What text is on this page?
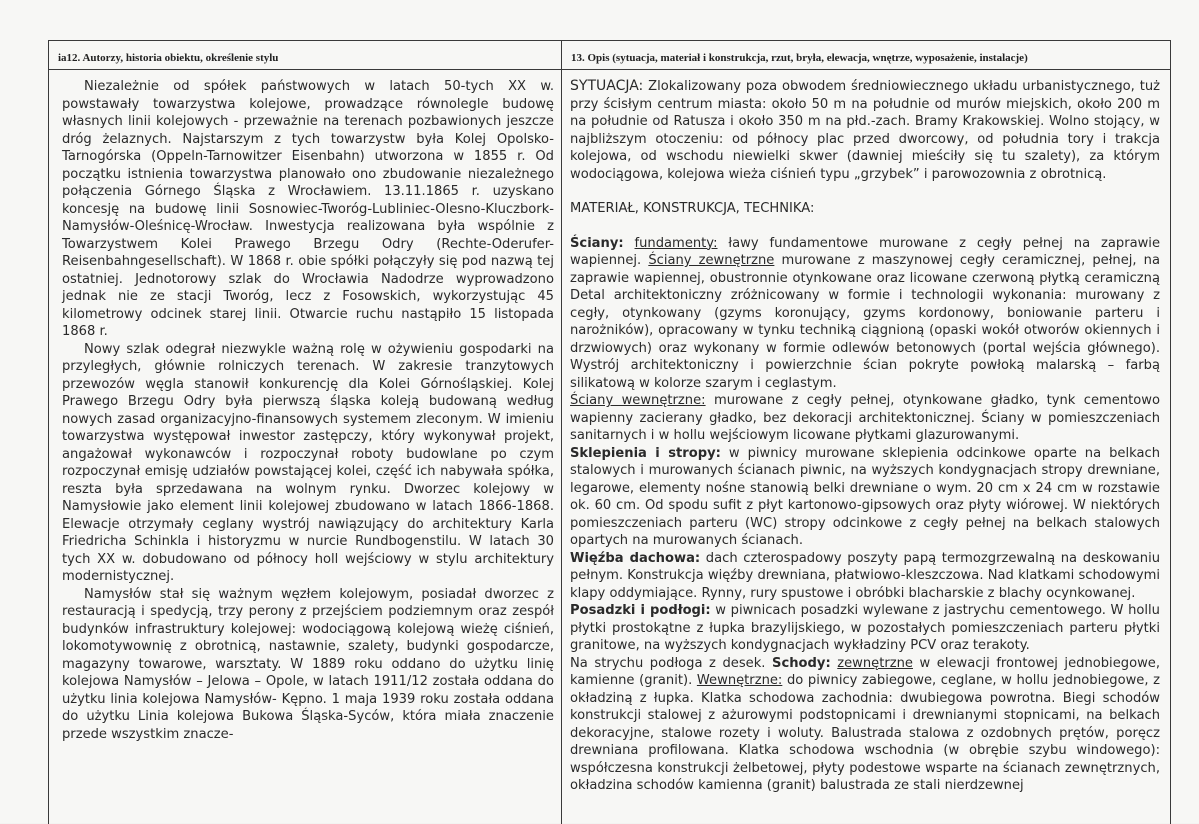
ia12. Autorzy, historia obiektu, określenie stylu	13. Opis (sytuacja, materiał i konstrukcja, rzut, bryła, elewacja, wnętrze, wyposażenie, instalacje)

Niezależnie od spółek państwowych w latach 50-tych XX w. powstawały towarzystwa kolejowe, prowadzące równolegle budowę własnych linii kolejowych - przeważnie na terenach pozbawionych jeszcze dróg żelaznych. Najstarszym z tych towarzystw była Kolej Opolsko-Tarnogórska (Oppeln-Tarnowitzer Eisenbahn) utworzona w 1855 r. Od początku istnienia towarzystwa planowało ono zbudowanie niezależnego połączenia Górnego Śląska z Wrocławiem. 13.11.1865 r. uzyskano koncesję na budowę linii Sosnowiec-Tworóg-Lubliniec-Olesno-Kluczbork-Namysłów-Oleśnicę-Wrocław. Inwestycja realizowana była wspólnie z Towarzystwem Kolei Prawego Brzegu Odry (Rechte-Oderufer-Reisenbahngesellschaft). W 1868 r. obie spółki połączyły się pod nazwą tej ostatniej. Jednotorowy szlak do Wrocławia Nadodrze wyprowadzono jednak nie ze stacji Tworóg, lecz z Fosowskich, wykorzystując 45 kilometrowy odcinek starej linii. Otwarcie ruchu nastąpiło 15 listopada 1868 r.

Nowy szlak odegrał niezwykle ważną rolę w ożywieniu gospodarki na przyległych, głównie rolniczych terenach. W zakresie tranzytowych przewozów węgla stanowił konkurencję dla Kolei Górnośląskiej. Kolej Prawego Brzegu Odry była pierwszą śląska koleją budowaną według nowych zasad organizacyjno-finansowych systemem zleconym. W imieniu towarzystwa występował inwestor zastępczy, który wykonywał projekt, angażował wykonawców i rozpoczynał roboty budowlane po czym rozpoczynał emisję udziałów powstającej kolei, część ich nabywała spółka, reszta była sprzedawana na wolnym rynku. Dworzec kolejowy w Namysłowie jako element linii kolejowej zbudowano w latach 1866-1868. Elewacje otrzymały ceglany wystrój nawiązujący do architektury Karla Friedricha Schinkla i historyzmu w nurcie Rundbogenstilu. W latach 30 tych XX w. dobudowano od północy holl wejściowy w stylu architektury modernistycznej.

Namysłów stał się ważnym węzłem kolejowym, posiadał dworzec z restauracją i spedycją, trzy perony z przejściem podziemnym oraz zespół budynków infrastruktury kolejowej: wodociągową kolejową wieżę ciśnień, lokomotywownię z obrotnicą, nastawnie, szalety, budynki gospodarcze, magazyny towarowe, warsztaty. W 1889 roku oddano do użytku linię kolejowa Namysłów – Jelowa – Opole, w latach 1911/12 została oddana do użytku linia kolejowa Namysłów- Kępno. 1 maja 1939 roku została oddana do użytku Linia kolejowa Bukowa Śląska-Syców, która miała znaczenie przede wszystkim znacze-

SYTUACJA: Zlokalizowany poza obwodem średniowiecznego układu urbanistycznego, tuż przy ścisłym centrum miasta: około 50 m na południe od murów miejskich, około 200 m na południe od Ratusza i około 350 m na płd.-zach. Bramy Krakowskiej. Wolno stojący, w najbliższym otoczeniu: od północy plac przed dworcowy, od południa tory i trakcja kolejowa, od wschodu niewielki skwer (dawniej mieściły się tu szalety), za którym wodociągowa, kolejowa wieża ciśnień typu „grzybek” i parowozownia z obrotnicą.

MATERIAŁ, KONSTRUKCJA, TECHNIKA:

Ściany: fundamenty: ławy fundamentowe murowane z cegły pełnej na zaprawie wapiennej. Ściany zewnętrzne murowane z maszynowej cegły ceramicznej, pełnej, na zaprawie wapiennej, obustronnie otynkowane oraz licowane czerwoną płytką ceramiczną Detal architektoniczny zróżnicowany w formie i technologii wykonania: murowany z cegły, otynkowany (gzyms koronujący, gzyms kordonowy, boniowanie parteru i narożników), opracowany w tynku techniką ciągnioną (opaski wokół otworów okiennych i drzwiowych) oraz wykonany w formie odlewów betonowych (portal wejścia głównego). Wystrój architektoniczny i powierzchnie ścian pokryte powłoką malarską – farbą silikatową w kolorze szarym i ceglastym.

Ściany wewnętrzne: murowane z cegły pełnej, otynkowane gładko, tynk cementowo wapienny zacierany gładko, bez dekoracji architektonicznej. Ściany w pomieszczeniach sanitarnych i w hollu wejściowym licowane płytkami glazurowanymi.

Sklepienia i stropy: w piwnicy murowane sklepienia odcinkowe oparte na belkach stalowych i murowanych ścianach piwnic, na wyższych kondygnacjach stropy drewniane, legarowe, elementy nośne stanowią belki drewniane o wym. 20 cm x 24 cm w rozstawie ok. 60 cm. Od spodu sufit z płyt kartonowo-gipsowych oraz płyty wiórowej. W niektórych pomieszczeniach parteru (WC) stropy odcinkowe z cegły pełnej na belkach stalowych opartych na murowanych ścianach.

Więźba dachowa: dach czterospadowy poszyty papą termozgrzewalną na deskowaniu pełnym. Konstrukcja więźby drewniana, płatwiowo-kleszczowa. Nad klatkami schodowymi klapy oddymiające. Rynny, rury spustowe i obróbki blacharskie z blachy ocynkowanej.

Posadzki i podłogi: w piwnicach posadzki wylewane z jastrychu cementowego. W hollu płytki prostokątne z łupka brazylijskiego, w pozostałych pomieszczeniach parteru płytki granitowe, na wyższych kondygnacjach wykładziny PCV oraz terakoty.

Na strychu podłoga z desek. Schody: zewnętrzne w elewacji frontowej jednobiegowe, kamienne (granit). Wewnętrzne: do piwnicy zabiegowe, ceglane, w hollu jednobiegowe, z okładziną z łupka. Klatka schodowa zachodnia: dwubiegowa powrotna. Biegi schodów konstrukcji stalowej z ażurowymi podstopnicami i drewnianymi stopnicami, na belkach dekoracyjne, stalowe rozety i woluty. Balustrada stalowa z ozdobnych prętów, poręcz drewniana profilowana. Klatka schodowa wschodnia (w obrębie szybu windowego): współczesna konstrukcji żelbetowej, płyty podestowe wsparte na ścianach zewnętrznych, okładzina schodów kamienna (granit) balustrada ze stali nierdzewnej
